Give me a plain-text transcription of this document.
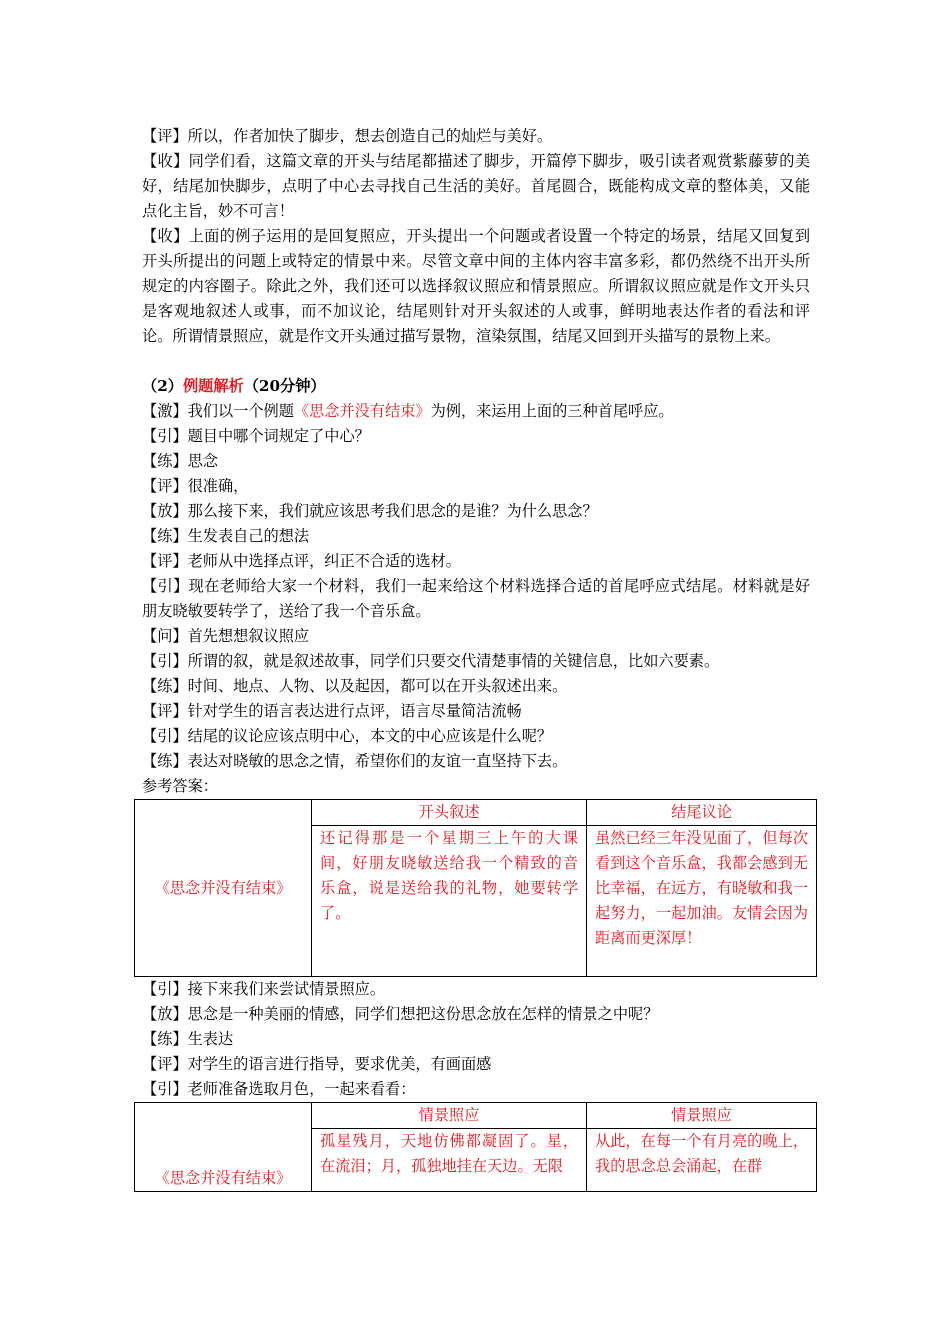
【评】所以，作者加快了脚步，想去创造自己的灿烂与美好。

【收】同学们看，这篇文章的开头与结尾都描述了脚步，开篇停下脚步，吸引读者观赏紫藤萝的美好，结尾加快脚步，点明了中心去寻找自己生活的美好。首尾圆合，既能构成文章的整体美，又能点化主旨，妙不可言！

【收】上面的例子运用的是回复照应，开头提出一个问题或者设置一个特定的场景，结尾又回复到开头所提出的问题上或特定的情景中来。尽管文章中间的主体内容丰富多彩，都仍然绕不出开头所规定的内容圈子。除此之外，我们还可以选择叙议照应和情景照应。所谓叙议照应就是作文开头只是客观地叙述人或事，而不加议论，结尾则针对开头叙述的人或事，鲜明地表达作者的看法和评论。所谓情景照应，就是作文开头通过描写景物，渲染氛围，结尾又回到开头描写的景物上来。

（2）例题解析（20分钟）

【激】我们以一个例题《思念并没有结束》为例，来运用上面的三种首尾呼应。

【引】题目中哪个词规定了中心？

【练】思念

【评】很准确，

【放】那么接下来，我们就应该思考我们思念的是谁？为什么思念？

【练】生发表自己的想法

【评】老师从中选择点评，纠正不合适的选材。

【引】现在老师给大家一个材料，我们一起来给这个材料选择合适的首尾呼应式结尾。材料就是好朋友晓敏要转学了，送给了我一个音乐盒。

【问】首先想想叙议照应

【引】所谓的叙，就是叙述故事，同学们只要交代清楚事情的关键信息，比如六要素。

【练】时间、地点、人物、以及起因，都可以在开头叙述出来。

【评】针对学生的语言表达进行点评，语言尽量简洁流畅

【引】结尾的议论应该点明中心，本文的中心应该是什么呢？

【练】表达对晓敏的思念之情，希望你们的友谊一直坚持下去。

参考答案：

《思念并没有结束》	开头叙述	结尾议论
	还记得那是一个星期三上午的大课间，好朋友晓敏送给我一个精致的音乐盒，说是送给我的礼物，她要转学了。	虽然已经三年没见面了，但每次看到这个音乐盒，我都会感到无比幸福，在远方，有晓敏和我一起努力，一起加油。友情会因为距离而更深厚！

【引】接下来我们来尝试情景照应。

【放】思念是一种美丽的情感，同学们想把这份思念放在怎样的情景之中呢？

【练】生表达

【评】对学生的语言进行指导，要求优美，有画面感

【引】老师准备选取月色，一起来看看：

《思念并没有结束》	情景照应	情景照应
	孤星残月，天地仿佛都凝固了。星，在流泪；月，孤独地挂在天边。无限	从此，在每一个有月亮的晚上，我的思念总会涌起，在群
